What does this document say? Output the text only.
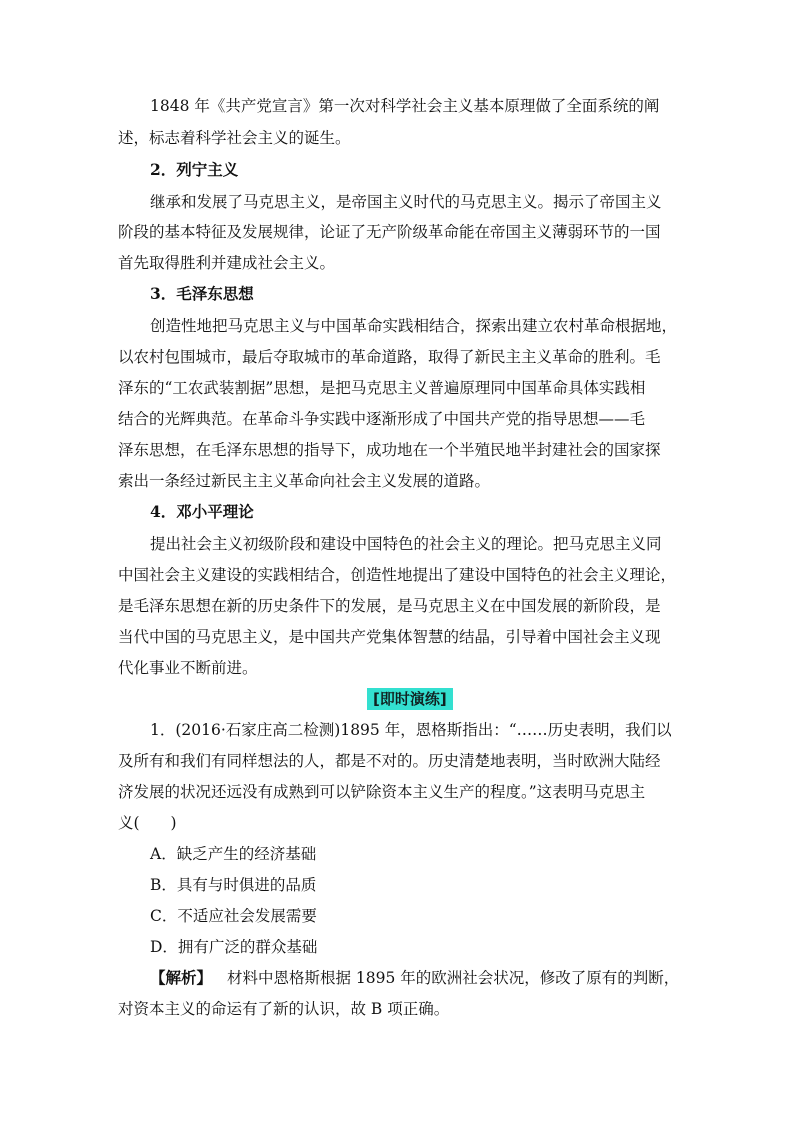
1848 年《共产党宣言》第一次对科学社会主义基本原理做了全面系统的阐
述，标志着科学社会主义的诞生。
2．列宁主义
继承和发展了马克思主义，是帝国主义时代的马克思主义。揭示了帝国主义
阶段的基本特征及发展规律，论证了无产阶级革命能在帝国主义薄弱环节的一国
首先取得胜利并建成社会主义。
3．毛泽东思想
创造性地把马克思主义与中国革命实践相结合，探索出建立农村革命根据地，
以农村包围城市，最后夺取城市的革命道路，取得了新民主主义革命的胜利。毛
泽东的“工农武装割据”思想，是把马克思主义普遍原理同中国革命具体实践相
结合的光辉典范。在革命斗争实践中逐渐形成了中国共产党的指导思想——毛
泽东思想，在毛泽东思想的指导下，成功地在一个半殖民地半封建社会的国家探
索出一条经过新民主主义革命向社会主义发展的道路。
4．邓小平理论
提出社会主义初级阶段和建设中国特色的社会主义的理论。把马克思主义同
中国社会主义建设的实践相结合，创造性地提出了建设中国特色的社会主义理论，
是毛泽东思想在新的历史条件下的发展，是马克思主义在中国发展的新阶段，是
当代中国的马克思主义，是中国共产党集体智慧的结晶，引导着中国社会主义现
代化事业不断前进。
[即时演练]
1．(2016·石家庄高二检测)1895 年，恩格斯指出：“……历史表明，我们以
及所有和我们有同样想法的人，都是不对的。历史清楚地表明，当时欧洲大陆经
济发展的状况还远没有成熟到可以铲除资本主义生产的程度。”这表明马克思主
义(　　)
A．缺乏产生的经济基础
B．具有与时俱进的品质
C．不适应社会发展需要
D．拥有广泛的群众基础
【解析】 材料中恩格斯根据 1895 年的欧洲社会状况，修改了原有的判断，
对资本主义的命运有了新的认识，故 B 项正确。
